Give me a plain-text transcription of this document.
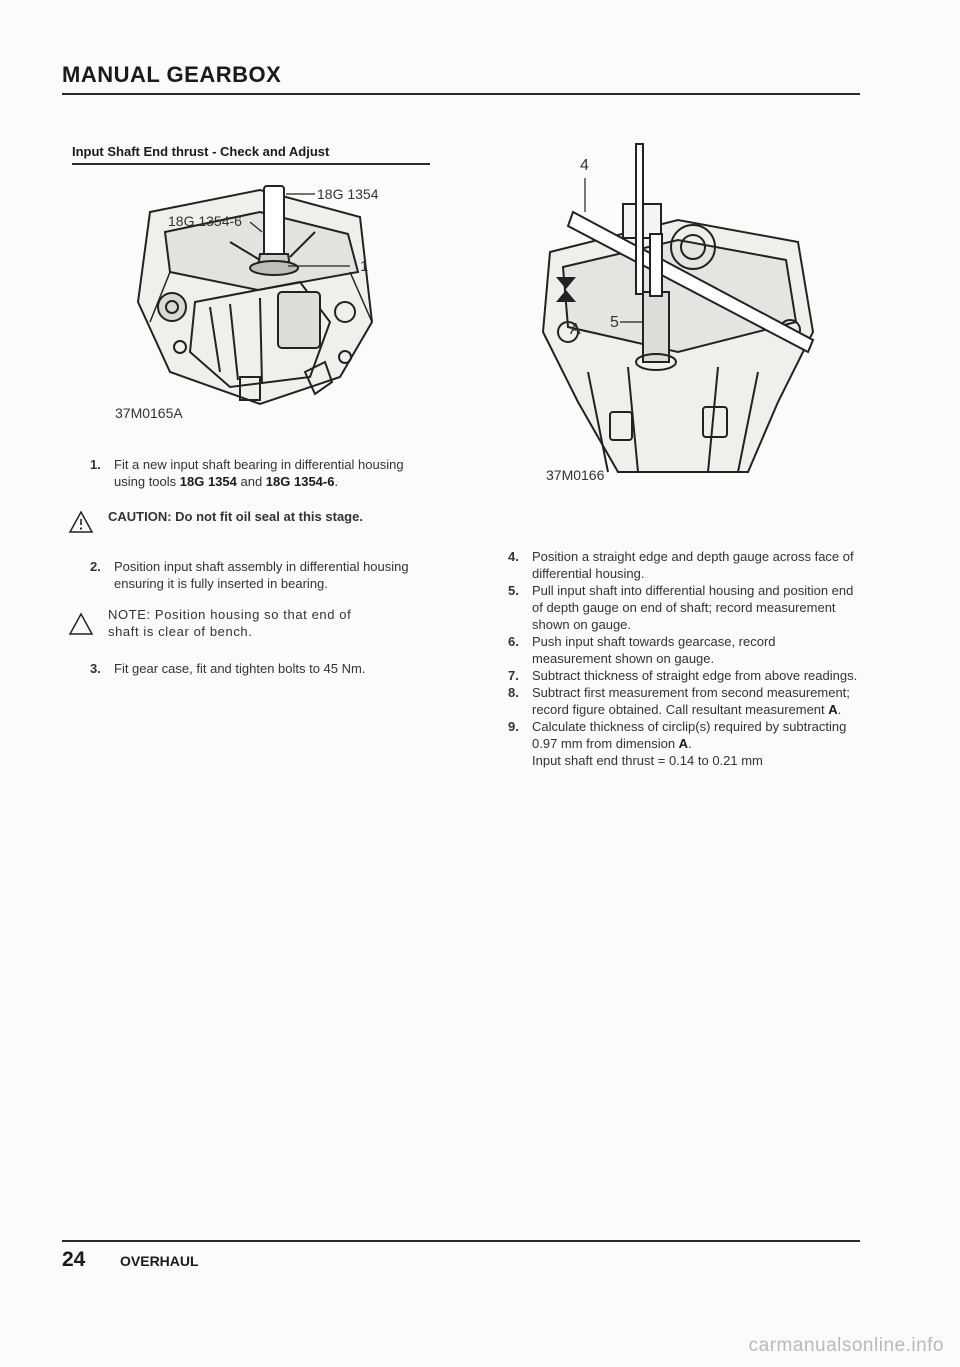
MANUAL GEARBOX
Input Shaft End thrust - Check and Adjust
18G 1354
18G 1354-6
1
37M0165A
4
A 5
37M0166
1.	Fit a new input shaft bearing in differential housing using tools 18G 1354 and 18G 1354-6.
CAUTION: Do not fit oil seal at this stage.
2.	Position input shaft assembly in differential housing ensuring it is fully inserted in bearing.
NOTE: Position housing so that end of shaft is clear of bench.
3.	Fit gear case, fit and tighten bolts to 45 Nm.
4.	Position a straight edge and depth gauge across face of differential housing.
5.	Pull input shaft into differential housing and position end of depth gauge on end of shaft; record measurement shown on gauge.
6.	Push input shaft towards gearcase, record measurement shown on gauge.
7.	Subtract thickness of straight edge from above readings.
8.	Subtract first measurement from second measurement; record figure obtained. Call resultant measurement A.
9.	Calculate thickness of circlip(s) required by subtracting 0.97 mm from dimension A.
Input shaft end thrust = 0.14 to 0.21 mm
24 OVERHAUL
carmanualsonline.info
